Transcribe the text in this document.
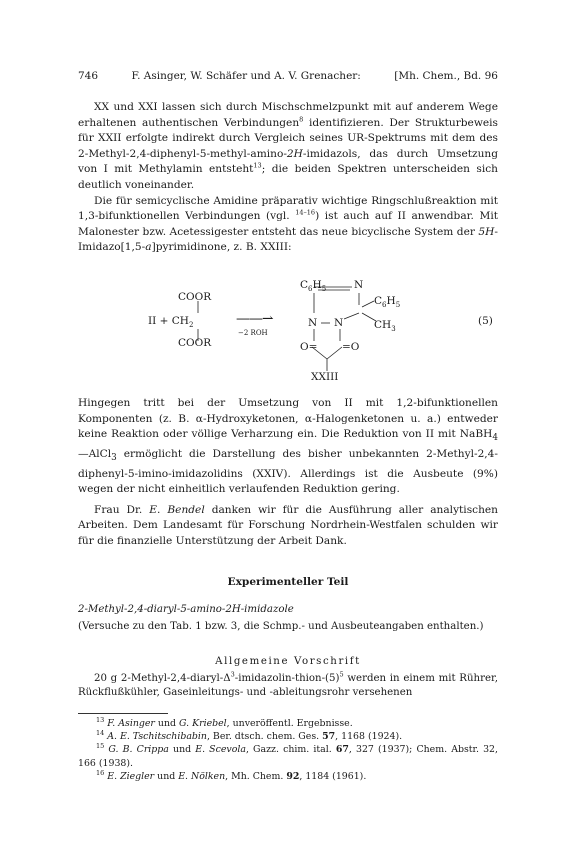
746	F. Asinger, W. Schäfer und A. V. Grenacher:	[Mh. Chem., Bd. 96

XX und XXI lassen sich durch Mischschmelzpunkt mit auf anderem Wege erhaltenen authentischen Verbindungen$^8$ identifizieren. Der Strukturbeweis für XXII erfolgte indirekt durch Vergleich seines UR-Spektrums mit dem des 2-Methyl-2,4-diphenyl-5-methyl-amino-2H-imidazols, das durch Umsetzung von I mit Methylamin entsteht$^{13}$; die beiden Spektren unterscheiden sich deutlich voneinander.

Die für semicyclische Amidine präparativ wichtige Ringschlußreaktion mit 1,3-bifunktionellen Verbindungen (vgl. $^{14-16}$) ist auch auf II anwendbar. Mit Malonester bzw. Acetessigester entsteht das neue bicyclische System der 5H-Imidazo[1,5-a]pyrimidinone, z. B. XXIII:

COOR
II + $CH_2$
COOR
——⇀
−2 ROH
$C_6H_5$	N
$C_6H_5$
N N	$CH_3$
O= =O
XXIII
(5)

Hingegen tritt bei der Umsetzung von II mit 1,2-bifunktionellen Komponenten (z. B. α-Hydroxyketonen, α-Halogenketonen u. a.) entweder keine Reaktion oder völlige Verharzung ein. Die Reduktion von II mit NaBH$_4$—AlCl$_3$ ermöglicht die Darstellung des bisher unbekannten 2-Methyl-2,4-diphenyl-5-imino-imidazolidins (XXIV). Allerdings ist die Ausbeute (9%) wegen der nicht einheitlich verlaufenden Reduktion gering.

Frau Dr. E. Bendel danken wir für die Ausführung aller analytischen Arbeiten. Dem Landesamt für Forschung Nordrhein-Westfalen schulden wir für die finanzielle Unterstützung der Arbeit Dank.

Experimenteller Teil
2-Methyl-2,4-diaryl-5-amino-2H-imidazole
(Versuche zu den Tab. 1 bzw. 3, die Schmp.- und Ausbeuteangaben enthalten.)
Allgemeine Vorschrift
20 g $2-Methyl-2,4-diaryl-\Delta^3-imidazolin-thion-(5)^5$ werden in einem mit Rührer, Rückflußkühler, Gaseinleitungs- und -ableitungsrohr versehenen
$^{13}$ F. Asinger und G. Kriebel, unveröffentl. Ergebnisse.
$^{14}$ A. E. Tschitschibabin, Ber. dtsch. chem. Ges. 57, 1168 (1924).
$^{15}$ G. B. Crippa und E. Scevola, Gazz. chim. ital. 67, 327 (1937); Chem. Abstr. 32, 166 (1938).
$^{16}$ E. Ziegler und E. Nölken, Mh. Chem. 92, 1184 (1961).
